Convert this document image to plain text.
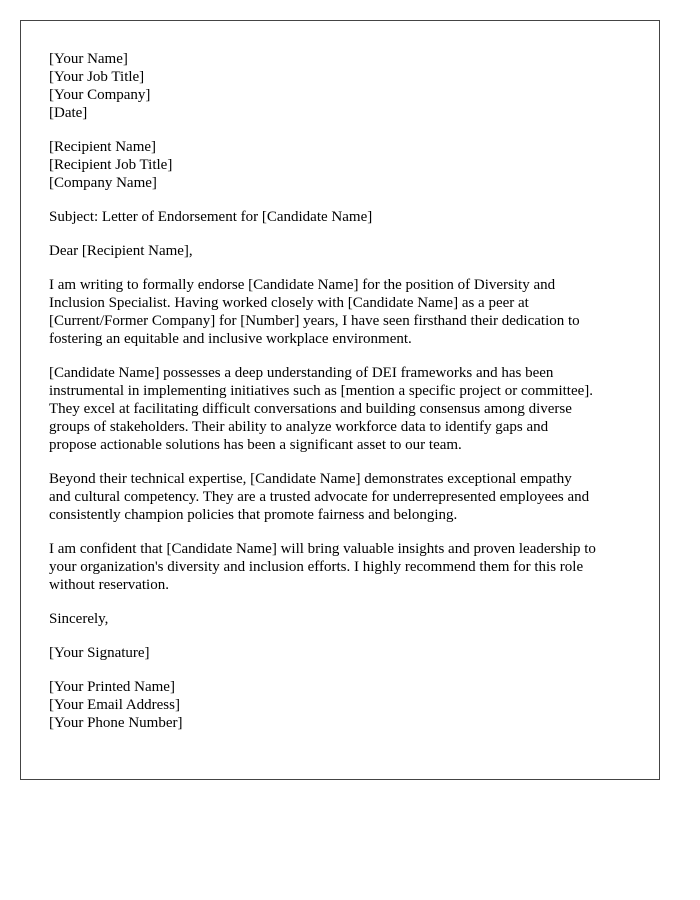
[Your Name]
[Your Job Title]
[Your Company]
[Date]
[Recipient Name]
[Recipient Job Title]
[Company Name]
Subject: Letter of Endorsement for [Candidate Name]
Dear [Recipient Name],

I am writing to formally endorse [Candidate Name] for the position of Diversity and
Inclusion Specialist. Having worked closely with [Candidate Name] as a peer at
[Current/Former Company] for [Number] years, I have seen firsthand their dedication to
fostering an equitable and inclusive workplace environment.

[Candidate Name] possesses a deep understanding of DEI frameworks and has been
instrumental in implementing initiatives such as [mention a specific project or committee].
They excel at facilitating difficult conversations and building consensus among diverse
groups of stakeholders. Their ability to analyze workforce data to identify gaps and
propose actionable solutions has been a significant asset to our team.

Beyond their technical expertise, [Candidate Name] demonstrates exceptional empathy
and cultural competency. They are a trusted advocate for underrepresented employees and
consistently champion policies that promote fairness and belonging.

I am confident that [Candidate Name] will bring valuable insights and proven leadership to
your organization's diversity and inclusion efforts. I highly recommend them for this role
without reservation.

Sincerely,
[Your Signature]
[Your Printed Name]
[Your Email Address]
[Your Phone Number]
